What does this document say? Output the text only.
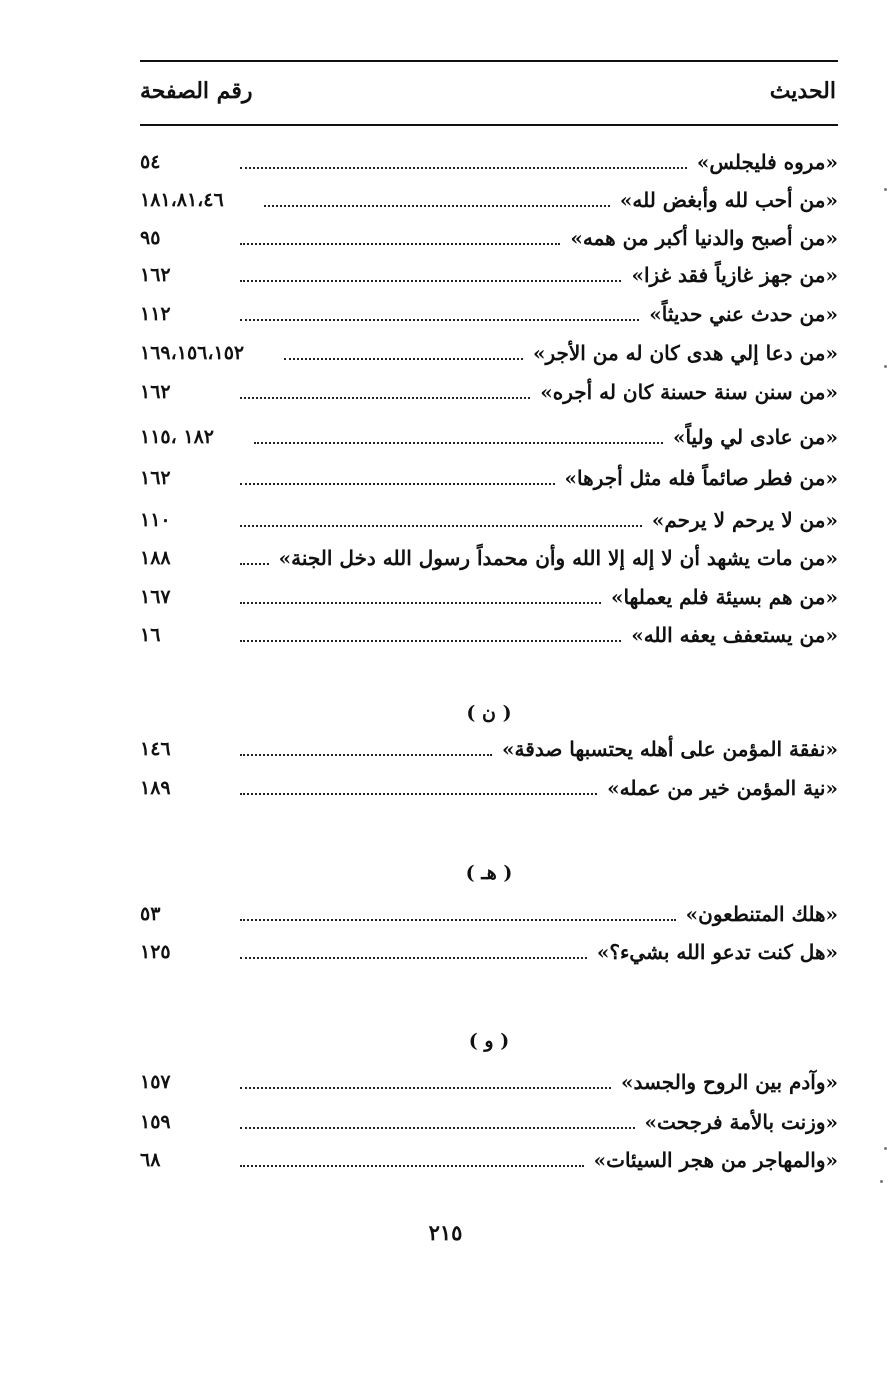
الحديث
رقم الصفحة
«مروه فليجلس»
٥٤
«من أحب لله وأبغض لله»
١٨١،٨١،٤٦
«من أصبح والدنيا أكبر من همه»
٩٥
«من جهز غازياً فقد غزا»
١٦٢
«من حدث عني حديثاً»
١١٢
«من دعا إلي هدى كان له من الأجر»
١٦٩،١٥٦،١٥٢
«من سنن سنة حسنة كان له أجره»
١٦٢
«من عادى لي ولياً»
١٨٢ ،١١٥
«من فطر صائماً فله مثل أجرها»
١٦٢
«من لا يرحم لا يرحم»
١١٠
«من مات يشهد أن لا إله إلا الله وأن محمداً رسول الله دخل الجنة»
١٨٨
«من هم بسيئة فلم يعملها»
١٦٧
«من يستعفف يعفه الله»
١٦
( ن )
«نفقة المؤمن على أهله يحتسبها صدقة»
١٤٦
«نية المؤمن خير من عمله»
١٨٩
( هـ )
«هلك المتنطعون»
٥٣
«هل كنت تدعو الله بشيء؟»
١٢٥
( و )
«وآدم بين الروح والجسد»
١٥٧
«وزنت بالأمة فرجحت»
١٥٩
«والمهاجر من هجر السيئات»
٦٨
٢١٥
